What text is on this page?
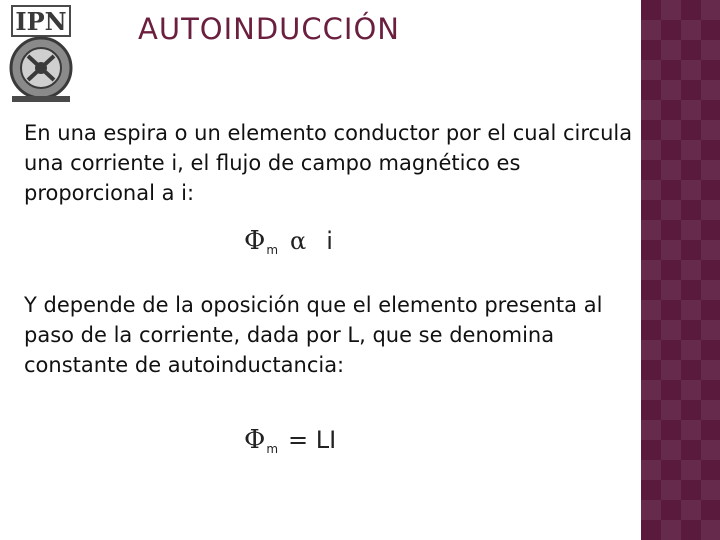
IPN AUTOINDUCCIÓN
En una espira o un elemento conductor por el cual circula una corriente i, el flujo de campo magnético es proporcional a i:
$\Phi_m$ α i
Y depende de la oposición que el elemento presenta al paso de la corriente, dada por L, que se denomina constante de autoinductancia:
$\Phi_m$ = LI
